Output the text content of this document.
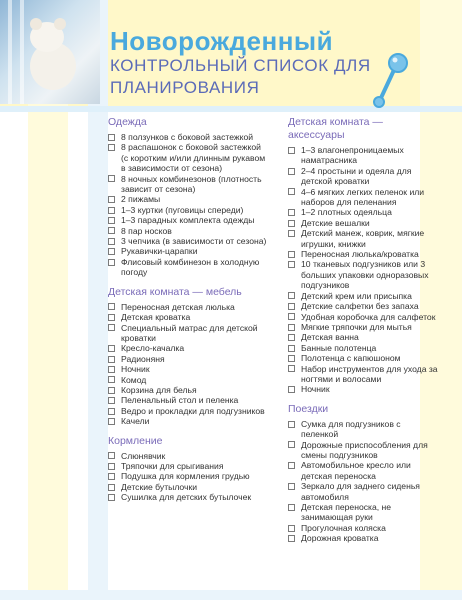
Новорожденный
КОНТРОЛЬНЫЙ СПИСОК ДЛЯ
ПЛАНИРОВАНИЯ
Одежда
8 ползунков с боковой застежкой
8 распашонок с боковой застежкой (с коротким и/или длинным рукавом в зависимости от сезона)
8 ночных комбинезонов (плотность зависит от сезона)
2 пижамы
1–3 куртки (пуговицы спереди)
1–3 парадных комплекта одежды
8 пар носков
3 чепчика (в зависимости от сезона)
Рукавички-царапки
Флисовый комбинезон в холодную погоду
Детская комната — мебель
Переносная детская люлька
Детская кроватка
Специальный матрас для детской кроватки
Кресло-качалка
Радионяня
Ночник
Комод
Корзина для белья
Пеленальный стол и пеленка
Ведро и прокладки для подгузников
Качели
Кормление
Слюнявчик
Тряпочки для срыгивания
Подушка для кормления грудью
Детские бутылочки
Сушилка для детских бутылочек
Детская комната — аксессуары
1–3 влагонепроницаемых наматрасника
2–4 простыни и одеяла для детской кроватки
4–6 мягких легких пеленок или наборов для пеленания
1–2 плотных одеяльца
Детские вешалки
Детский манеж, коврик, мягкие игрушки, книжки
Переносная люлька/кроватка
10 тканевых подгузников или 3 больших упаковки одноразовых подгузников
Детский крем или присыпка
Детские салфетки без запаха
Удобная коробочка для салфеток
Мягкие тряпочки для мытья
Детская ванна
Банные полотенца
Полотенца с капюшоном
Набор инструментов для ухода за ногтями и волосами
Ночник
Поездки
Сумка для подгузников с пеленкой
Дорожные приспособления для смены подгузников
Автомобильное кресло или детская переноска
Зеркало для заднего сиденья автомобиля
Детская переноска, не занимающая руки
Прогулочная коляска
Дорожная кроватка
